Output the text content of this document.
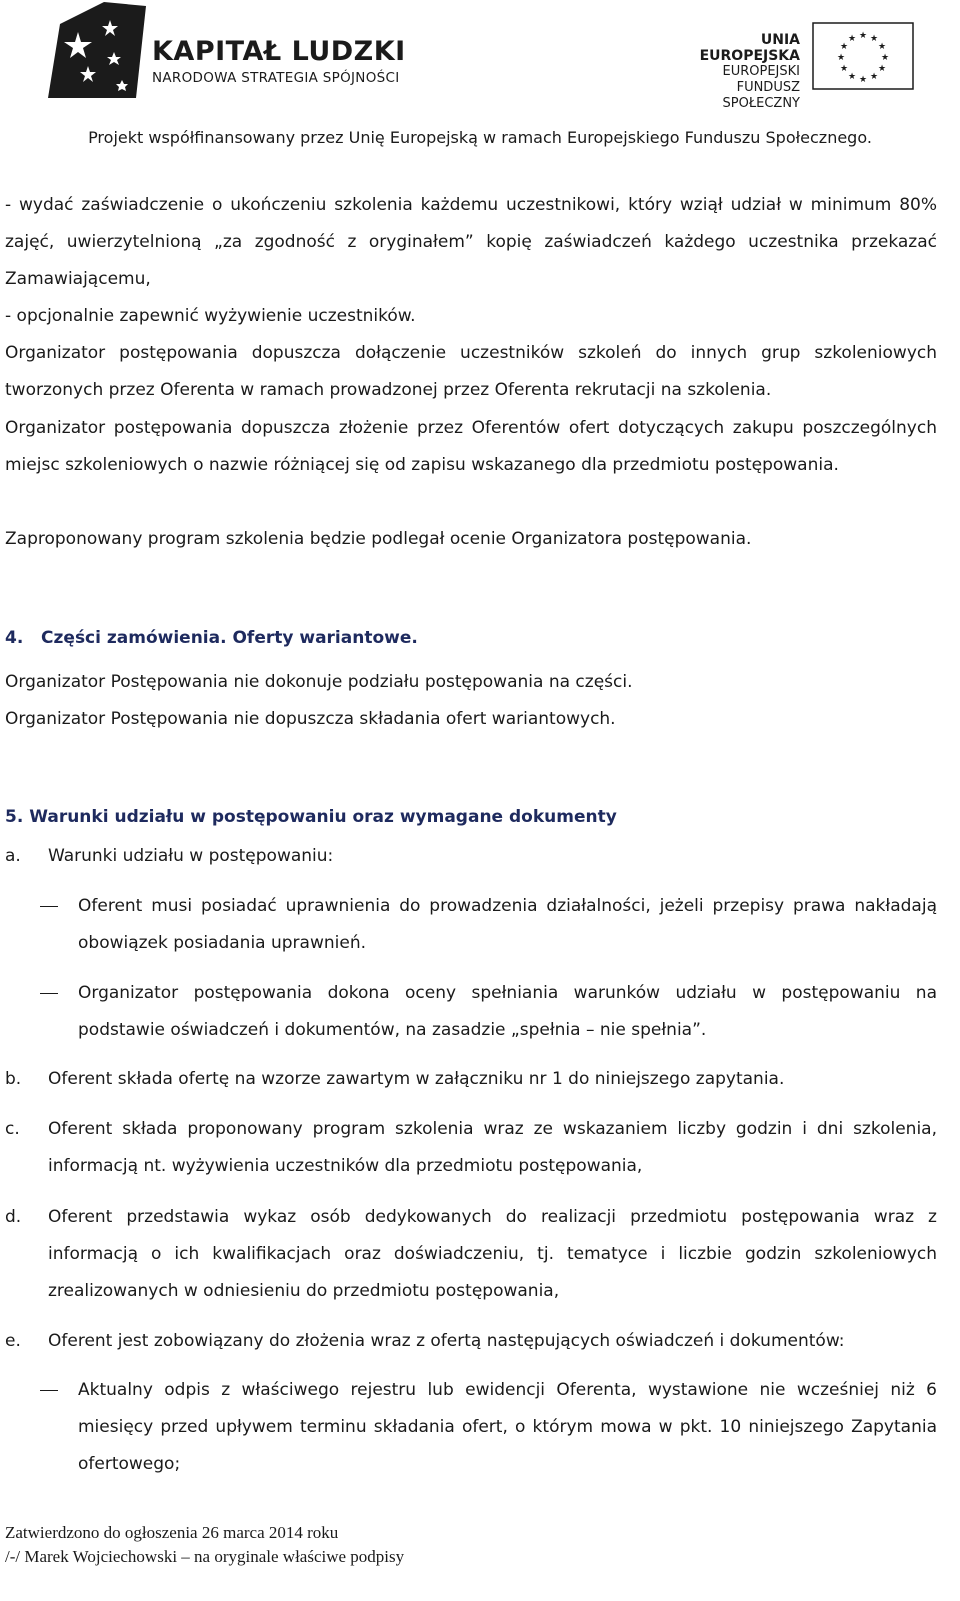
KAPITAŁ LUDZKI
NARODOWA STRATEGIA SPÓJNOŚCI
UNIA EUROPEJSKA
EUROPEJSKI
FUNDUSZ SPOŁECZNY
★ ★
★
★
★
★
★
★
★
★
★
★
Projekt współfinansowany przez Unię Europejską w ramach Europejskiego Funduszu Społecznego.
- wydać zaświadczenie o ukończeniu szkolenia każdemu uczestnikowi, który wziął udział w minimum 80% zajęć, uwierzytelnioną „za zgodność z oryginałem” kopię zaświadczeń każdego uczestnika przekazać Zamawiającemu,
- opcjonalnie zapewnić wyżywienie uczestników.
Organizator postępowania dopuszcza dołączenie uczestników szkoleń do innych grup szkoleniowych tworzonych przez Oferenta w ramach prowadzonej przez Oferenta rekrutacji na szkolenia.
Organizator postępowania dopuszcza złożenie przez Oferentów ofert dotyczących zakupu poszczególnych miejsc szkoleniowych o nazwie różniącej się od zapisu wskazanego dla przedmiotu postępowania.
Zaproponowany program szkolenia będzie podlegał ocenie Organizatora postępowania.
4.   Części zamówienia. Oferty wariantowe.
Organizator Postępowania nie dokonuje podziału postępowania na części.
Organizator Postępowania nie dopuszcza składania ofert wariantowych.
5. Warunki udziału w postępowaniu oraz wymagane dokumenty
a. Warunki udziału w postępowaniu:
Oferent musi posiadać uprawnienia do prowadzenia działalności, jeżeli przepisy prawa nakładają obowiązek posiadania uprawnień.
Organizator postępowania dokona oceny spełniania warunków udziału w postępowaniu na podstawie oświadczeń i dokumentów, na zasadzie „spełnia – nie spełnia”.
b. Oferent składa ofertę na wzorze zawartym w załączniku nr 1 do niniejszego zapytania.
c. Oferent składa proponowany program szkolenia wraz ze wskazaniem liczby godzin i dni szkolenia, informacją nt. wyżywienia uczestników dla przedmiotu postępowania,
d. Oferent przedstawia wykaz osób dedykowanych do realizacji przedmiotu postępowania wraz z informacją o ich kwalifikacjach oraz doświadczeniu, tj. tematyce i liczbie godzin szkoleniowych zrealizowanych w odniesieniu do przedmiotu postępowania,
e. Oferent jest zobowiązany do złożenia wraz z ofertą następujących oświadczeń i dokumentów:
Aktualny odpis z właściwego rejestru lub ewidencji Oferenta, wystawione nie wcześniej niż 6 miesięcy przed upływem terminu składania ofert, o którym mowa w pkt. 10 niniejszego Zapytania ofertowego;
Zatwierdzono do ogłoszenia 26 marca 2014 roku
/-/ Marek Wojciechowski – na oryginale właściwe podpisy
